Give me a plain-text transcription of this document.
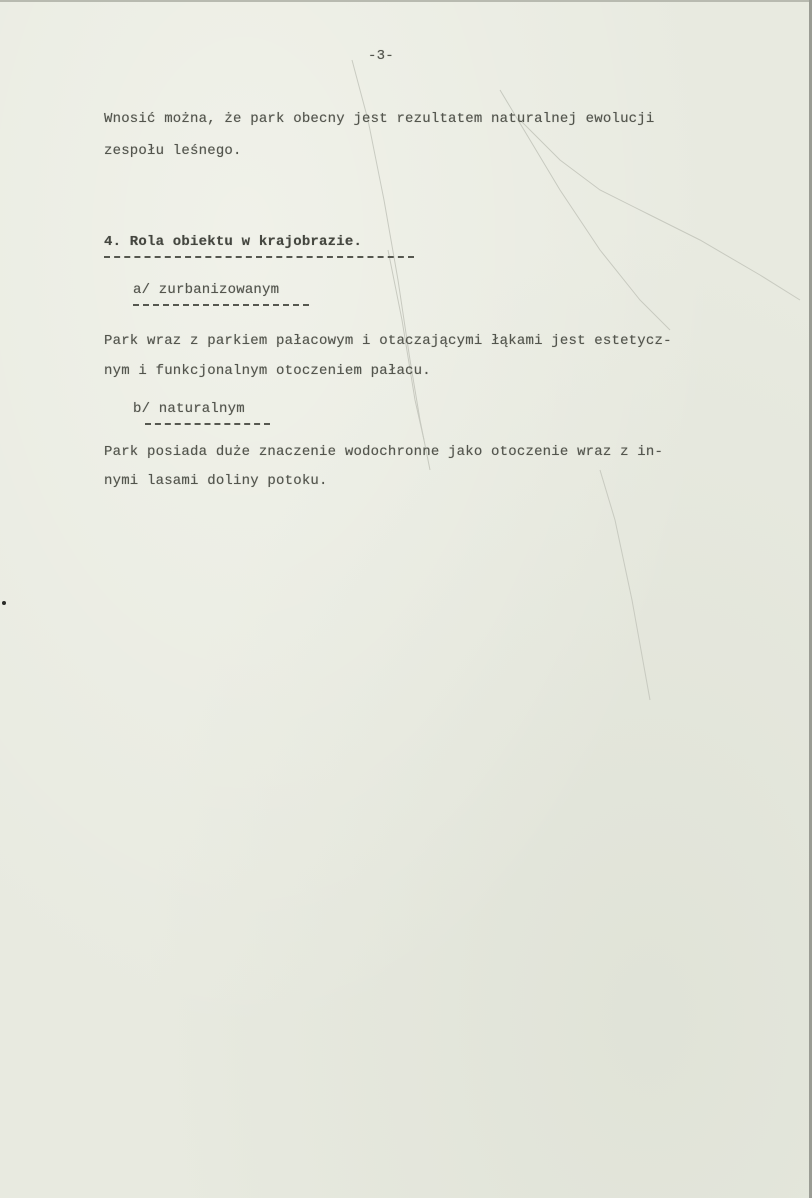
-3-
Wnosić można, że park obecny jest rezultatem naturalnej ewolucji
zespołu leśnego.
4. Rola obiektu w krajobrazie.
a/ zurbanizowanym
Park wraz z parkiem pałacowym i otaczającymi łąkami jest estetycz-
nym i funkcjonalnym otoczeniem pałacu.
b/ naturalnym
Park posiada duże znaczenie wodochronne jako otoczenie wraz z in-
nymi lasami doliny potoku.
